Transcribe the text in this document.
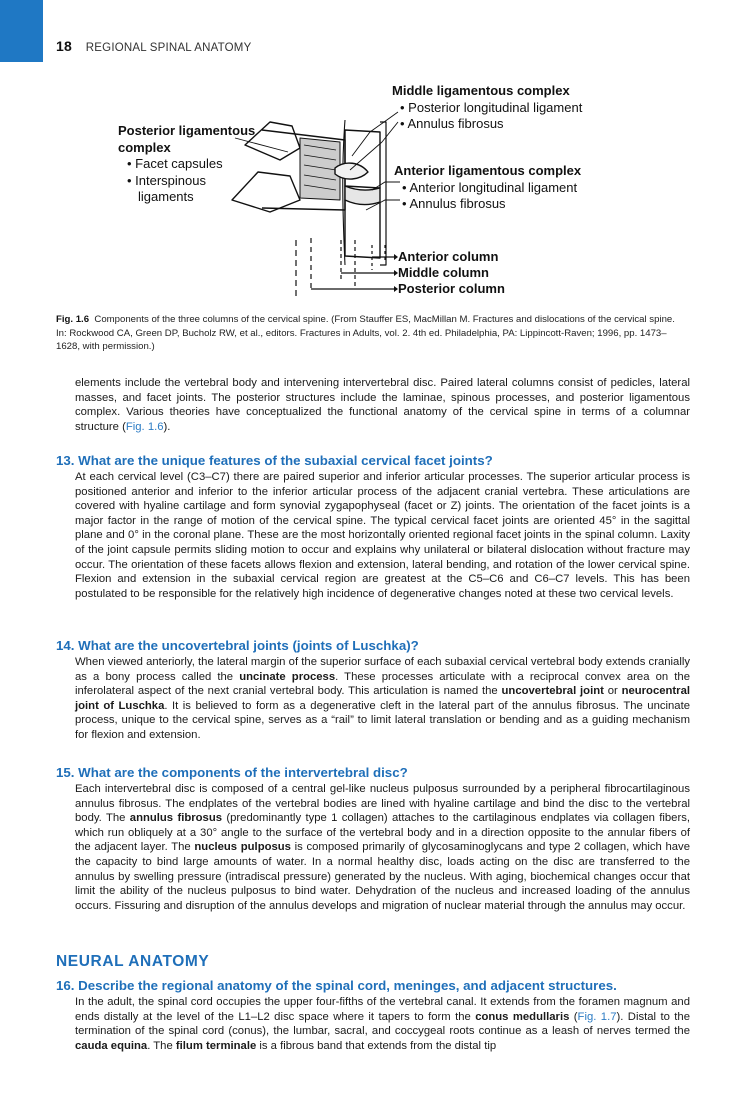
18 REGIONAL SPINAL ANATOMY
Middle ligamentous complex
• Posterior longitudinal ligament
• Annulus fibrosus
Posterior ligamentous
complex
• Facet capsules
• Interspinous
ligaments
Anterior ligamentous complex
• Anterior longitudinal ligament
• Annulus fibrosus
Anterior column
Middle column
Posterior column
Fig. 1.6 Components of the three columns of the cervical spine. (From Stauffer ES, MacMillan M. Fractures and dislocations of the cervical spine. In: Rockwood CA, Green DP, Bucholz RW, et al., editors. Fractures in Adults, vol. 2. 4th ed. Philadelphia, PA: Lippincott-Raven; 1996, pp. 1473–1628, with permission.)
elements include the vertebral body and intervening intervertebral disc. Paired lateral columns consist of pedicles, lateral masses, and facet joints. The posterior structures include the laminae, spinous processes, and posterior ligamentous complex. Various theories have conceptualized the functional anatomy of the cervical spine in terms of a columnar structure (Fig. 1.6).
13. What are the unique features of the subaxial cervical facet joints?
At each cervical level (C3–C7) there are paired superior and inferior articular processes. The superior articular process is positioned anterior and inferior to the inferior articular process of the adjacent cranial vertebra. These articulations are covered with hyaline cartilage and form synovial zygapophyseal (facet or Z) joints. The orientation of the facet joints is a major factor in the range of motion of the cervical spine. The typical cervical facet joints are oriented 45° in the sagittal plane and 0° in the coronal plane. These are the most horizontally oriented regional facet joints in the spinal column. Laxity of the joint capsule permits sliding motion to occur and explains why unilateral or bilateral dislocation without fracture may occur. The orientation of these facets allows flexion and extension, lateral bending, and rotation of the lower cervical spine. Flexion and extension in the subaxial cervical region are greatest at the C5–C6 and C6–C7 levels. This has been postulated to be responsible for the relatively high incidence of degenerative changes noted at these two cervical levels.
14. What are the uncovertebral joints (joints of Luschka)?
When viewed anteriorly, the lateral margin of the superior surface of each subaxial cervical vertebral body extends cranially as a bony process called the uncinate process. These processes articulate with a reciprocal convex area on the inferolateral aspect of the next cranial vertebral body. This articulation is named the uncovertebral joint or neurocentral joint of Luschka. It is believed to form as a degenerative cleft in the lateral part of the annulus fibrosus. The uncinate process, unique to the cervical spine, serves as a “rail” to limit lateral translation or bending and as a guiding mechanism for flexion and extension.
15. What are the components of the intervertebral disc?
Each intervertebral disc is composed of a central gel-like nucleus pulposus surrounded by a peripheral fibrocartilaginous annulus fibrosus. The endplates of the vertebral bodies are lined with hyaline cartilage and bind the disc to the vertebral body. The annulus fibrosus (predominantly type 1 collagen) attaches to the cartilaginous endplates via collagen fibers, which run obliquely at a 30° angle to the surface of the vertebral body and in a direction opposite to the annular fibers of the adjacent layer. The nucleus pulposus is composed primarily of glycosaminoglycans and type 2 collagen, which have the capacity to bind large amounts of water. In a normal healthy disc, loads acting on the disc are transferred to the annulus by swelling pressure (intradiscal pressure) generated by the nucleus. With aging, biochemical changes occur that limit the ability of the nucleus pulposus to bind water. Dehydration of the nucleus and increased loading of the annulus occurs. Fissuring and disruption of the annulus develops and migration of nuclear material through the annulus may occur.
NEURAL ANATOMY
16. Describe the regional anatomy of the spinal cord, meninges, and adjacent structures.
In the adult, the spinal cord occupies the upper four-fifths of the vertebral canal. It extends from the foramen magnum and ends distally at the level of the L1–L2 disc space where it tapers to form the conus medullaris (Fig. 1.7). Distal to the termination of the spinal cord (conus), the lumbar, sacral, and coccygeal roots continue as a leash of nerves termed the cauda equina. The filum terminale is a fibrous band that extends from the distal tip
